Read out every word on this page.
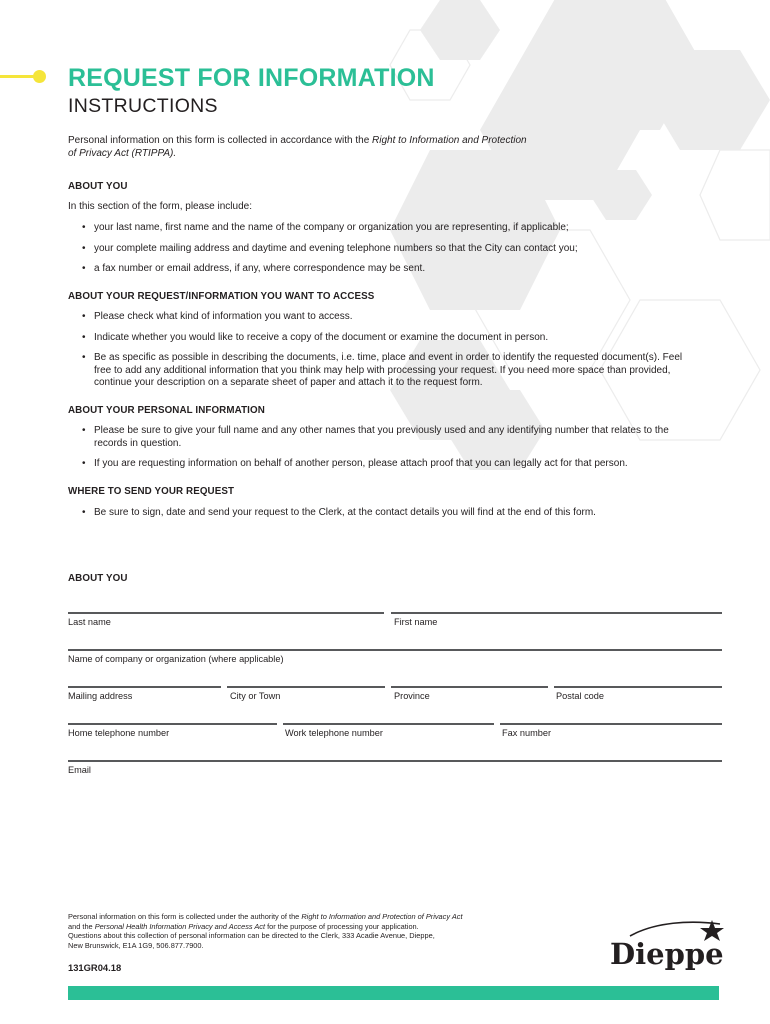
REQUEST FOR INFORMATION
INSTRUCTIONS

Personal information on this form is collected in accordance with the Right to Information and Protection
of Privacy Act (RTIPPA).

ABOUT YOU

In this section of the form, please include:

• your last name, first name and the name of the company or organization you are representing, if applicable;
• your complete mailing address and daytime and evening telephone numbers so that the City can contact you;
• a fax number or email address, if any, where correspondence may be sent.
ABOUT YOUR REQUEST/INFORMATION YOU WANT TO ACCESS
• Please check what kind of information you want to access.
• Indicate whether you would like to receive a copy of the document or examine the document in person.
• Be as specific as possible in describing the documents, i.e. time, place and event in order to identify the requested document(s). Feel free to add any additional information that you think may help with processing your request. If you need more space than provided, continue your description on a separate sheet of paper and attach it to the request form.
ABOUT YOUR PERSONAL INFORMATION
• Please be sure to give your full name and any other names that you previously used and any identifying number that relates to the records in question.
• If you are requesting information on behalf of another person, please attach proof that you can legally act for that person.
WHERE TO SEND YOUR REQUEST
• Be sure to sign, date and send your request to the Clerk, at the contact details you will find at the end of this form.
ABOUT YOU

Last name	First name

Name of company or organization (where applicable)

Mailing address	City or Town	Province	Postal code

Home telephone number	Work telephone number	Fax number

Email

Personal information on this form is collected under the authority of the Right to Information and Protection of Privacy Act
and the Personal Health Information Privacy and Access Act for the purpose of processing your application.
Questions about this collection of personal information can be directed to the Clerk, 333 Acadie Avenue, Dieppe,
New Brunswick, E1A 1G9, 506.877.7900.

131GR04.18	Dieppe
